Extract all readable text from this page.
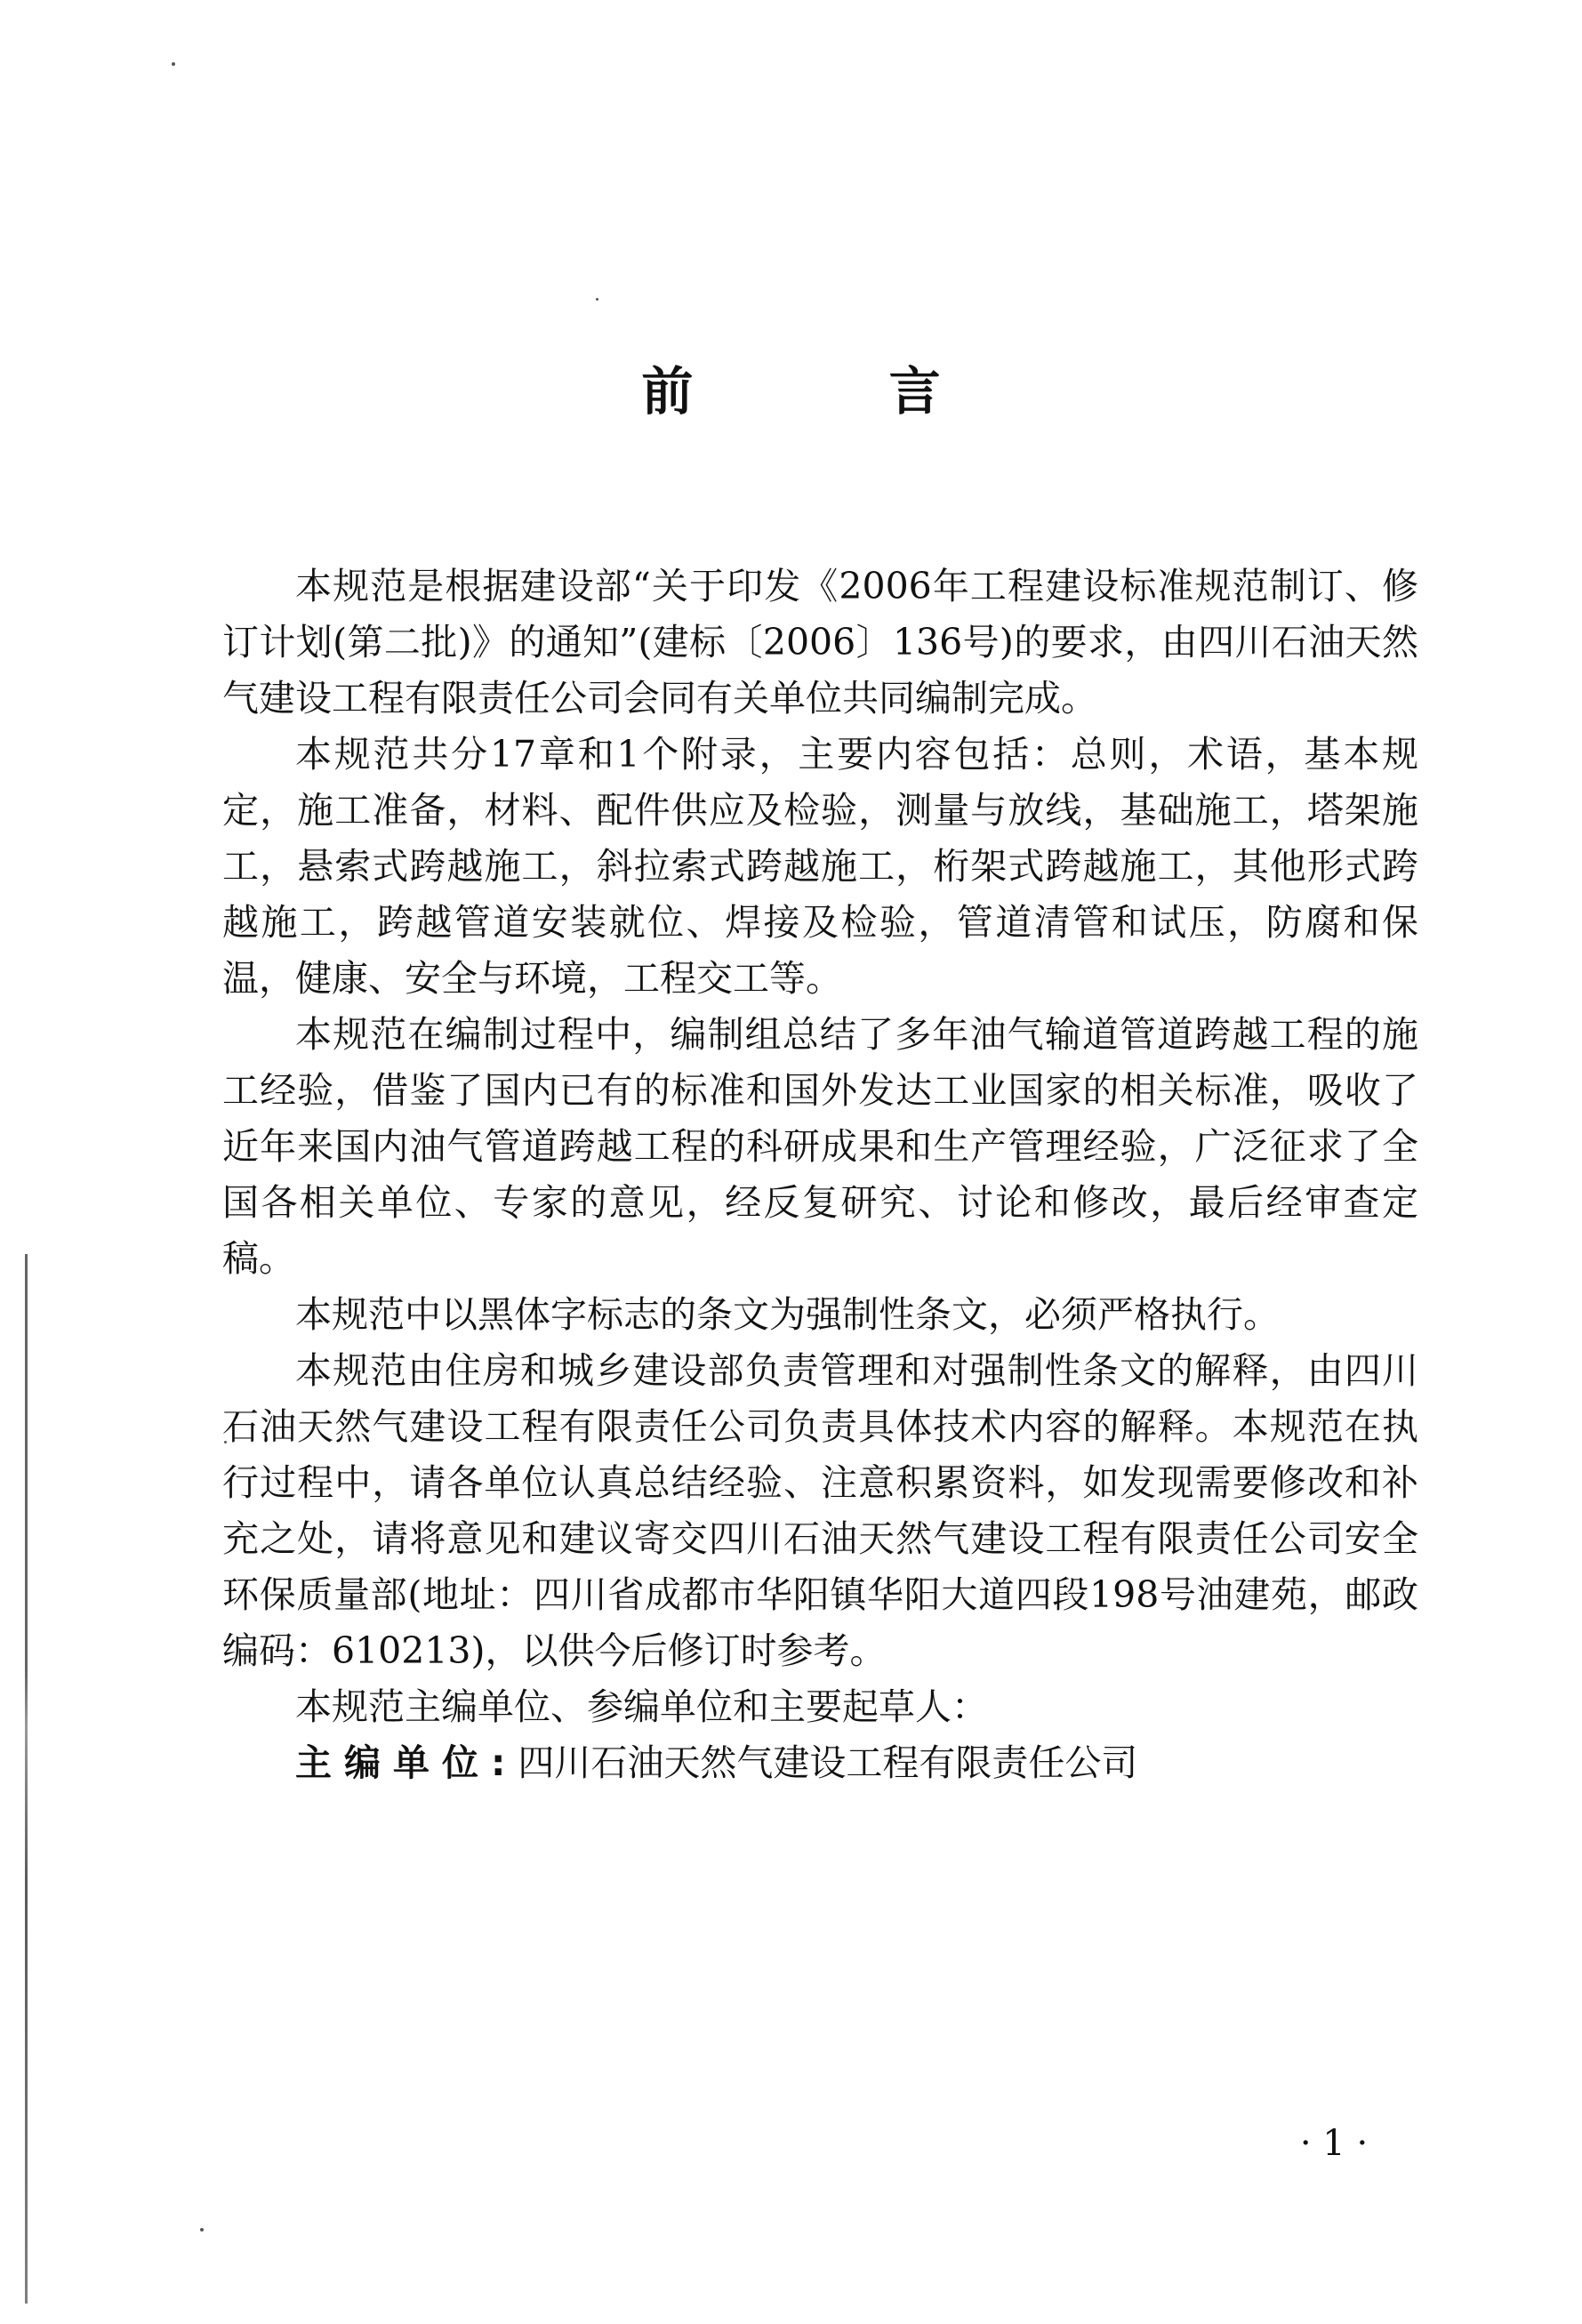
前 言

本规范是根据建设部“关于印发《2006年工程建设标准规范制订、修订计划(第二批)》的通知”(建标〔2006〕136号)的要求，由四川石油天然气建设工程有限责任公司会同有关单位共同编制完成。

本规范共分17章和1个附录，主要内容包括：总则，术语，基本规定，施工准备，材料、配件供应及检验，测量与放线，基础施工，塔架施工，悬索式跨越施工，斜拉索式跨越施工，桁架式跨越施工，其他形式跨越施工，跨越管道安装就位、焊接及检验，管道清管和试压，防腐和保温，健康、安全与环境，工程交工等。

本规范在编制过程中，编制组总结了多年油气输道管道跨越工程的施工经验，借鉴了国内已有的标准和国外发达工业国家的相关标准，吸收了近年来国内油气管道跨越工程的科研成果和生产管理经验，广泛征求了全国各相关单位、专家的意见，经反复研究、讨论和修改，最后经审查定稿。

本规范中以黑体字标志的条文为强制性条文，必须严格执行。

本规范由住房和城乡建设部负责管理和对强制性条文的解释，由四川石油天然气建设工程有限责任公司负责具体技术内容的解释。本规范在执行过程中，请各单位认真总结经验、注意积累资料，如发现需要修改和补充之处，请将意见和建议寄交四川石油天然气建设工程有限责任公司安全环保质量部(地址：四川省成都市华阳镇华阳大道四段198号油建苑，邮政编码：610213)，以供今后修订时参考。

本规范主编单位、参编单位和主要起草人：

主编单位:四川石油天然气建设工程有限责任公司

· 1 ·
